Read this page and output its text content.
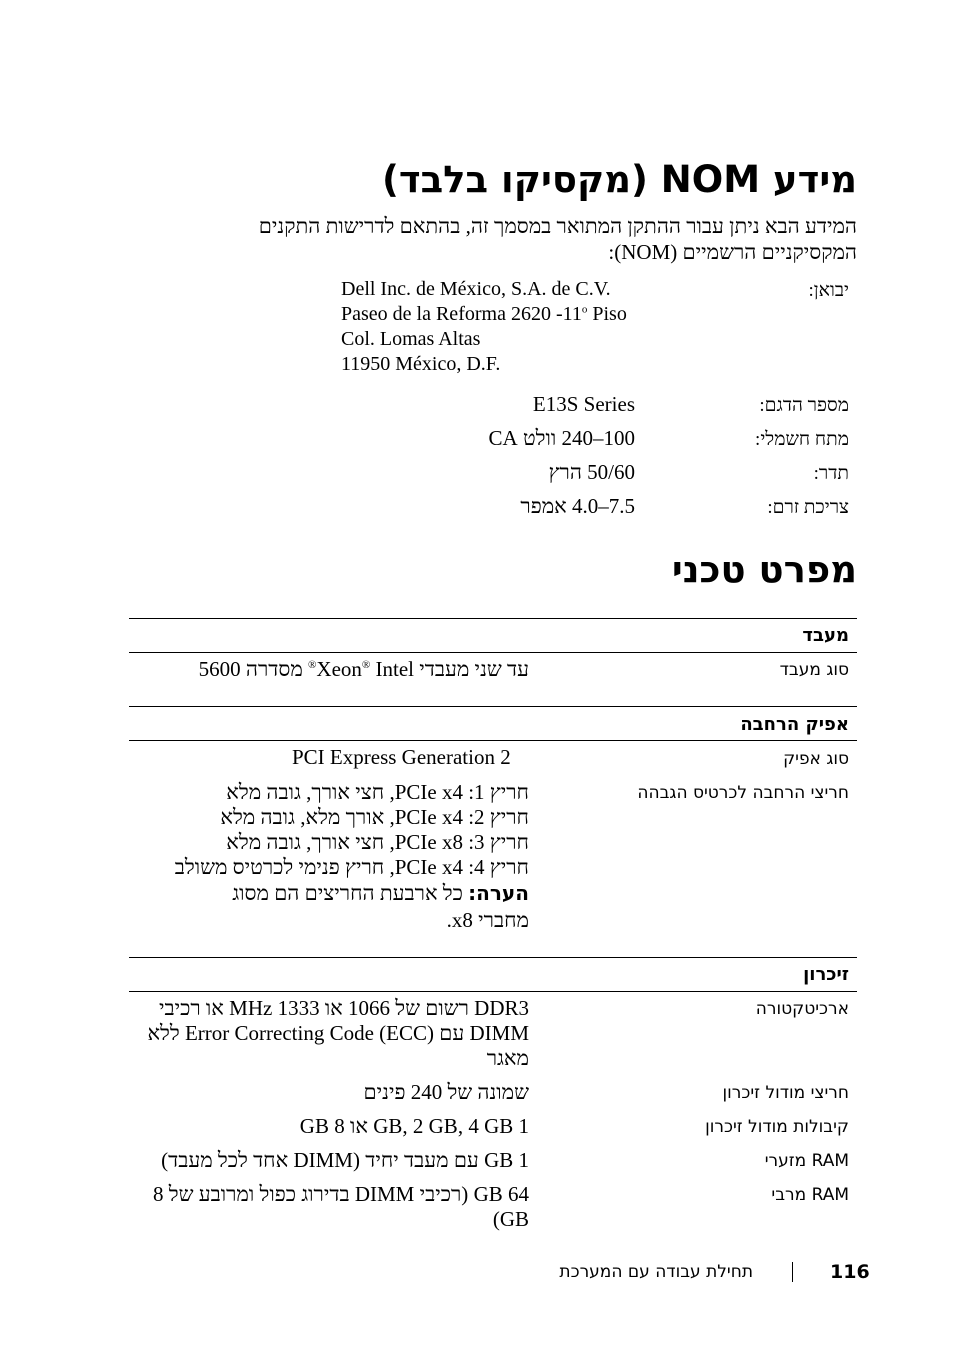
מידע NOM (מקסיקו בלבד)
המידע הבא ניתן עבור ההתקן המתואר במסמך זה, בהתאם לדרישות התקנים המקסיקניים הרשמיים (NOM):
יבואן:
Dell Inc. de México, S.A. de C.V.
Paseo de la Reforma 2620 -11$^o$ Piso
Col. Lomas Altas
11950 México, D.F.
מספר הדגם:
E13S Series
מתח חשמלי:
100–240 וולט CA
תדר:
50/60 הרץ
צריכת זרם:
7.5–4.0 אמפר
מפרט טכני
מעבד
סוג מעבד
עד שני מעבדי Xeon® Intel® מסדרה 5600
אפיק הרחבה
סוג אפיק
PCI Express Generation 2
חריצי הרחבה לכרטיס הגבהה
חריץ 1: PCIe x4, חצי אורך, גובה מלא
חריץ 2: PCIe x4, אורך מלא, גובה מלא
חריץ 3: PCIe x8, חצי אורך, גובה מלא
חריץ 4: PCIe x4, חריץ פנימי לכרטיס משולב
הערה: כל ארבעת החריצים הם מסוג מחברי x8.
זיכרון
ארכיטקטורה
DDR3 רשום של 1066 או 1333 MHz או רכיבי DIMM עם Error Correcting Code (ECC) ללא מאגר
חריצי מודול זיכרון
שמונה של 240 פינים
קיבולות מודול זיכרון
1 GB, 2 GB, 4 GB או 8 GB
RAM מזערי
1 GB עם מעבד יחיד (DIMM אחד לכל מעבד)
RAM מרבי
64 GB (רכיבי DIMM בדירוג כפול ומרובע של 8 GB)
116
תחילת עבודה עם המערכת
